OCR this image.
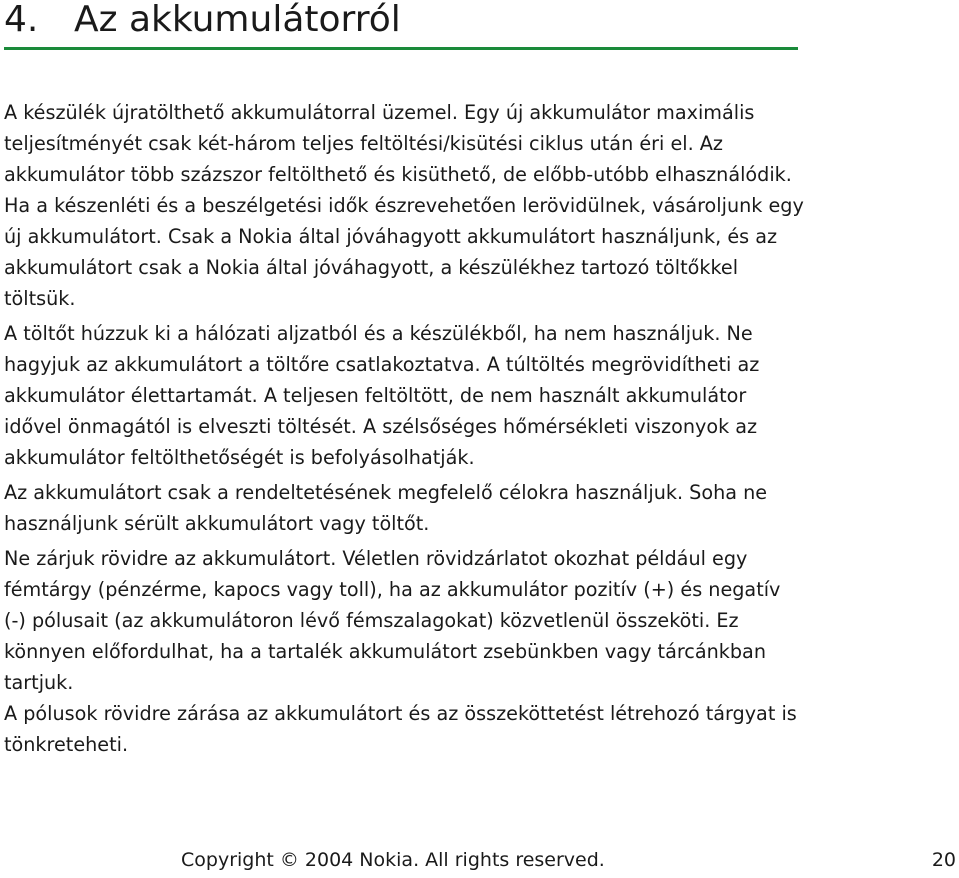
4. Az akkumulátorról

A készülék újratölthető akkumulátorral üzemel. Egy új akkumulátor maximális teljesítményét csak két-három teljes feltöltési/kisütési ciklus után éri el. Az akkumulátor több százszor feltölthető és kisüthető, de előbb-utóbb elhasználódik. Ha a készenléti és a beszélgetési idők észrevehetően lerövidülnek, vásároljunk egy új akkumulátort. Csak a Nokia által jóváhagyott akkumulátort használjunk, és az akkumulátort csak a Nokia által jóváhagyott, a készülékhez tartozó töltőkkel töltsük.

A töltőt húzzuk ki a hálózati aljzatból és a készülékből, ha nem használjuk. Ne hagyjuk az akkumulátort a töltőre csatlakoztatva. A túltöltés megrövidítheti az akkumulátor élettartamát. A teljesen feltöltött, de nem használt akkumulátor idővel önmagától is elveszti töltését. A szélsőséges hőmérsékleti viszonyok az akkumulátor feltölthetőségét is befolyásolhatják.

Az akkumulátort csak a rendeltetésének megfelelő célokra használjuk. Soha ne használjunk sérült akkumulátort vagy töltőt.

Ne zárjuk rövidre az akkumulátort. Véletlen rövidzárlatot okozhat például egy fémtárgy (pénzérme, kapocs vagy toll), ha az akkumulátor pozitív (+) és negatív (-) pólusait (az akkumulátoron lévő fémszalagokat) közvetlenül összeköti. Ez könnyen előfordulhat, ha a tartalék akkumulátort zsebünkben vagy tárcánkban tartjuk.

A pólusok rövidre zárása az akkumulátort és az összeköttetést létrehozó tárgyat is tönkreteheti.

Copyright © 2004 Nokia. All rights reserved.	20
